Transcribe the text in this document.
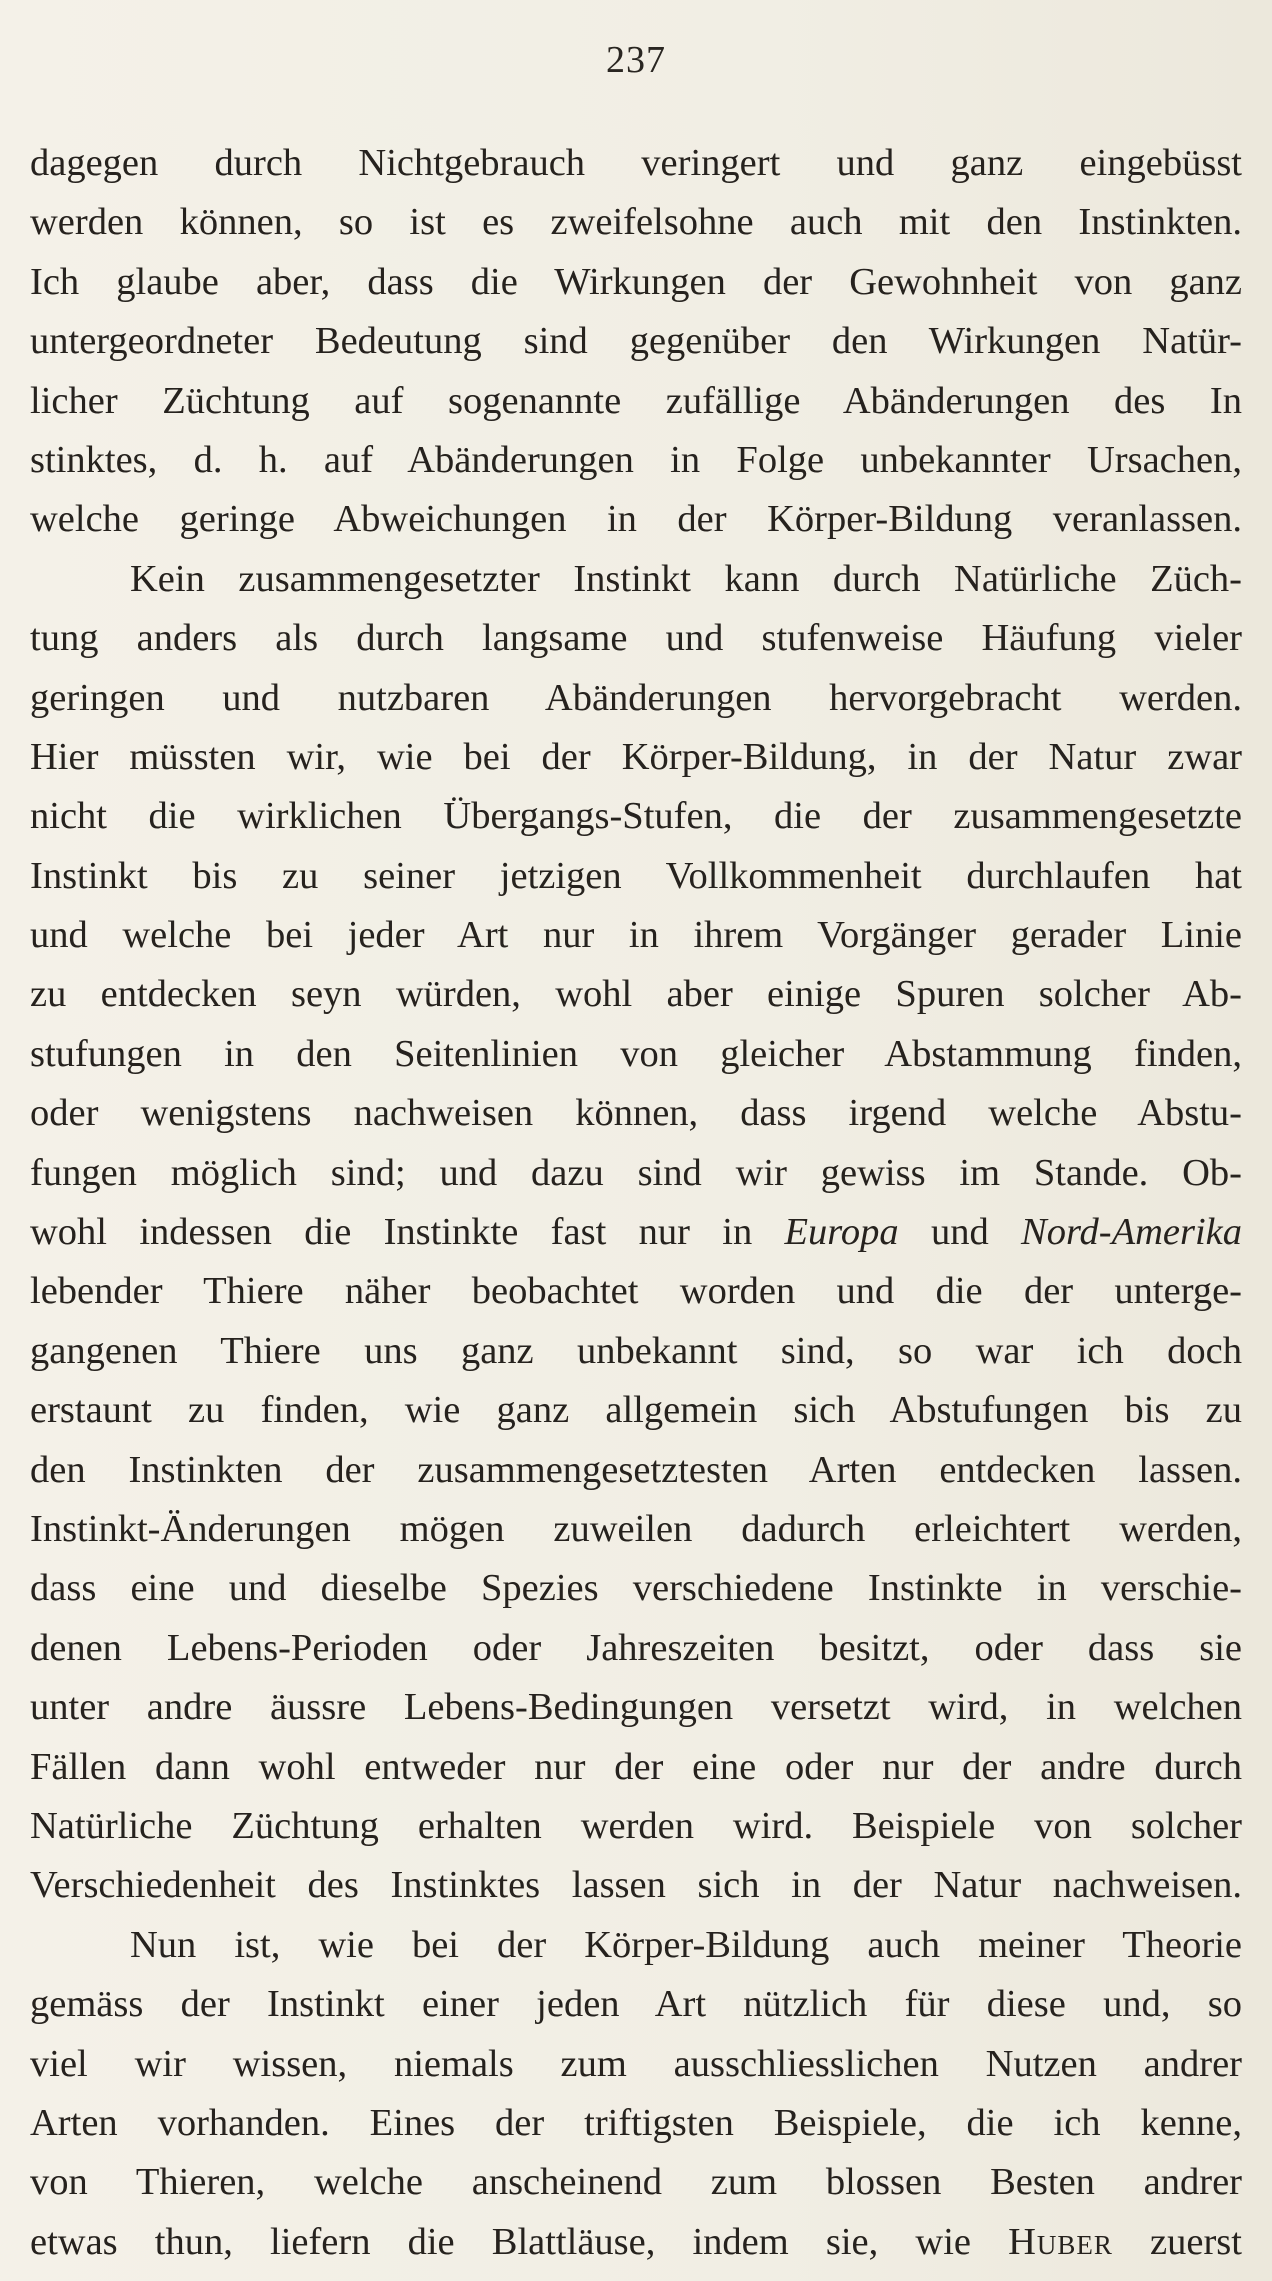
237
dagegen durch Nichtgebrauch veringert und ganz eingebüsst
werden können, so ist es zweifelsohne auch mit den Instinkten.
Ich glaube aber, dass die Wirkungen der Gewohnheit von ganz
untergeordneter Bedeutung sind gegenüber den Wirkungen Natür-
licher Züchtung auf sogenannte zufällige Abänderungen des In
stinktes, d. h. auf Abänderungen in Folge unbekannter Ursachen,
welche geringe Abweichungen in der Körper-Bildung veranlassen.
Kein zusammengesetzter Instinkt kann durch Natürliche Züch-
tung anders als durch langsame und stufenweise Häufung vieler
geringen und nutzbaren Abänderungen hervorgebracht werden.
Hier müssten wir, wie bei der Körper-Bildung, in der Natur zwar
nicht die wirklichen Übergangs-Stufen, die der zusammengesetzte
Instinkt bis zu seiner jetzigen Vollkommenheit durchlaufen hat
und welche bei jeder Art nur in ihrem Vorgänger gerader Linie
zu entdecken seyn würden, wohl aber einige Spuren solcher Ab-
stufungen in den Seitenlinien von gleicher Abstammung finden,
oder wenigstens nachweisen können, dass irgend welche Abstu-
fungen möglich sind; und dazu sind wir gewiss im Stande. Ob-
wohl indessen die Instinkte fast nur in Europa und Nord-Amerika
lebender Thiere näher beobachtet worden und die der unterge-
gangenen Thiere uns ganz unbekannt sind, so war ich doch
erstaunt zu finden, wie ganz allgemein sich Abstufungen bis zu
den Instinkten der zusammengesetztesten Arten entdecken lassen.
Instinkt-Änderungen mögen zuweilen dadurch erleichtert werden,
dass eine und dieselbe Spezies verschiedene Instinkte in verschie-
denen Lebens-Perioden oder Jahreszeiten besitzt, oder dass sie
unter andre äussre Lebens-Bedingungen versetzt wird, in welchen
Fällen dann wohl entweder nur der eine oder nur der andre durch
Natürliche Züchtung erhalten werden wird. Beispiele von solcher
Verschiedenheit des Instinktes lassen sich in der Natur nachweisen.
Nun ist, wie bei der Körper-Bildung auch meiner Theorie
gemäss der Instinkt einer jeden Art nützlich für diese und, so
viel wir wissen, niemals zum ausschliesslichen Nutzen andrer
Arten vorhanden. Eines der triftigsten Beispiele, die ich kenne,
von Thieren, welche anscheinend zum blossen Besten andrer
etwas thun, liefern die Blattläuse, indem sie, wie Huber zuerst
